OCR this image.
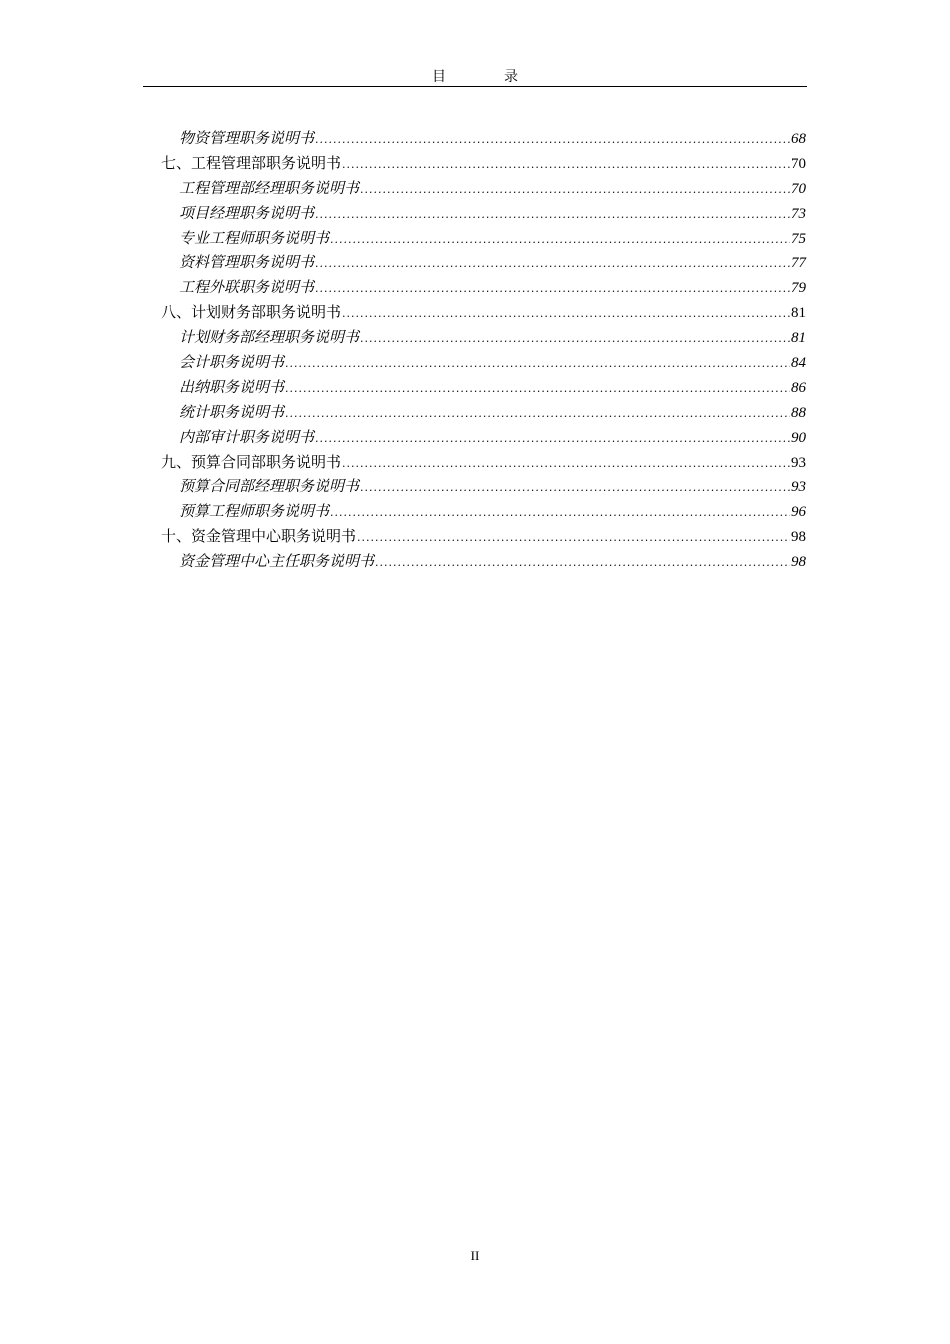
目录
物资管理职务说明书 .....	68
七、工程管理部职务说明书 .....	70
工程管理部经理职务说明书 .....	70
项目经理职务说明书 .....	73
专业工程师职务说明书 .....	75
资料管理职务说明书 .....	77
工程外联职务说明书 .....	79
八、计划财务部职务说明书 .....	81
计划财务部经理职务说明书 .....	81
会计职务说明书 .....	84
出纳职务说明书 .....	86
统计职务说明书 .....	88
内部审计职务说明书 .....	90
九、预算合同部职务说明书 .....	93
预算合同部经理职务说明书 .....	93
预算工程师职务说明书 .....	96
十、资金管理中心职务说明书 .....	98
资金管理中心主任职务说明书 .....	98
II
